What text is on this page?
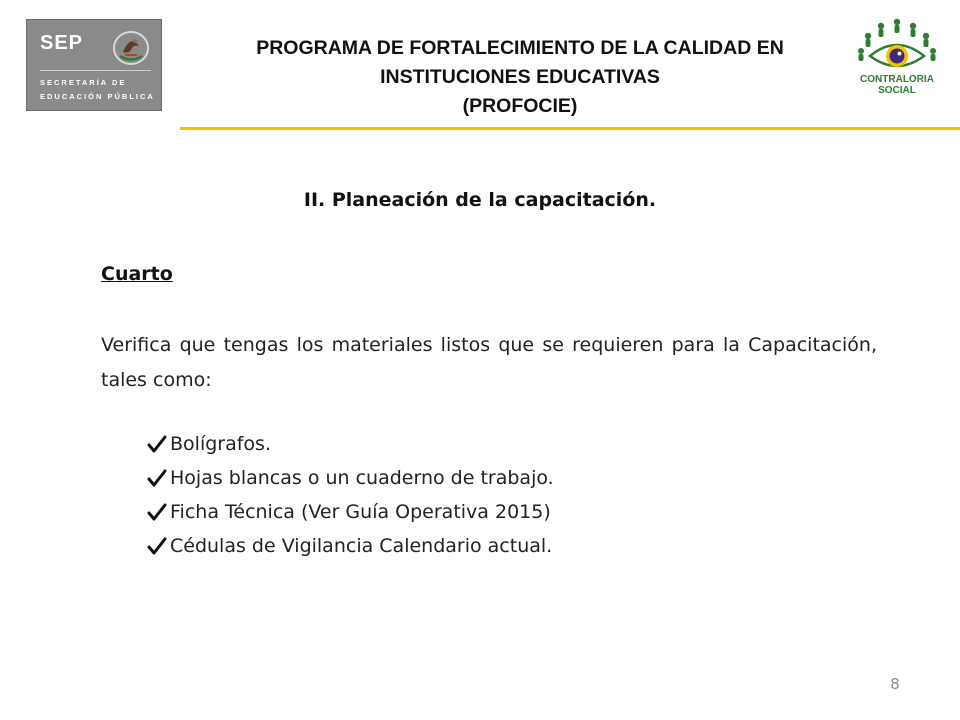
SEP
SECRETARÍA DE
EDUCACIÓN PÚBLICA
PROGRAMA DE FORTALECIMIENTO DE LA CALIDAD EN
INSTITUCIONES EDUCATIVAS
(PROFOCIE)
CONTRALORIA
SOCIAL
II. Planeación de la capacitación.
Cuarto
Verifica que tengas los materiales listos que se requieren para la Capacitación, tales como:
Bolígrafos.
Hojas blancas o un cuaderno de trabajo.
Ficha Técnica (Ver Guía Operativa 2015)
Cédulas de Vigilancia Calendario actual.
8
